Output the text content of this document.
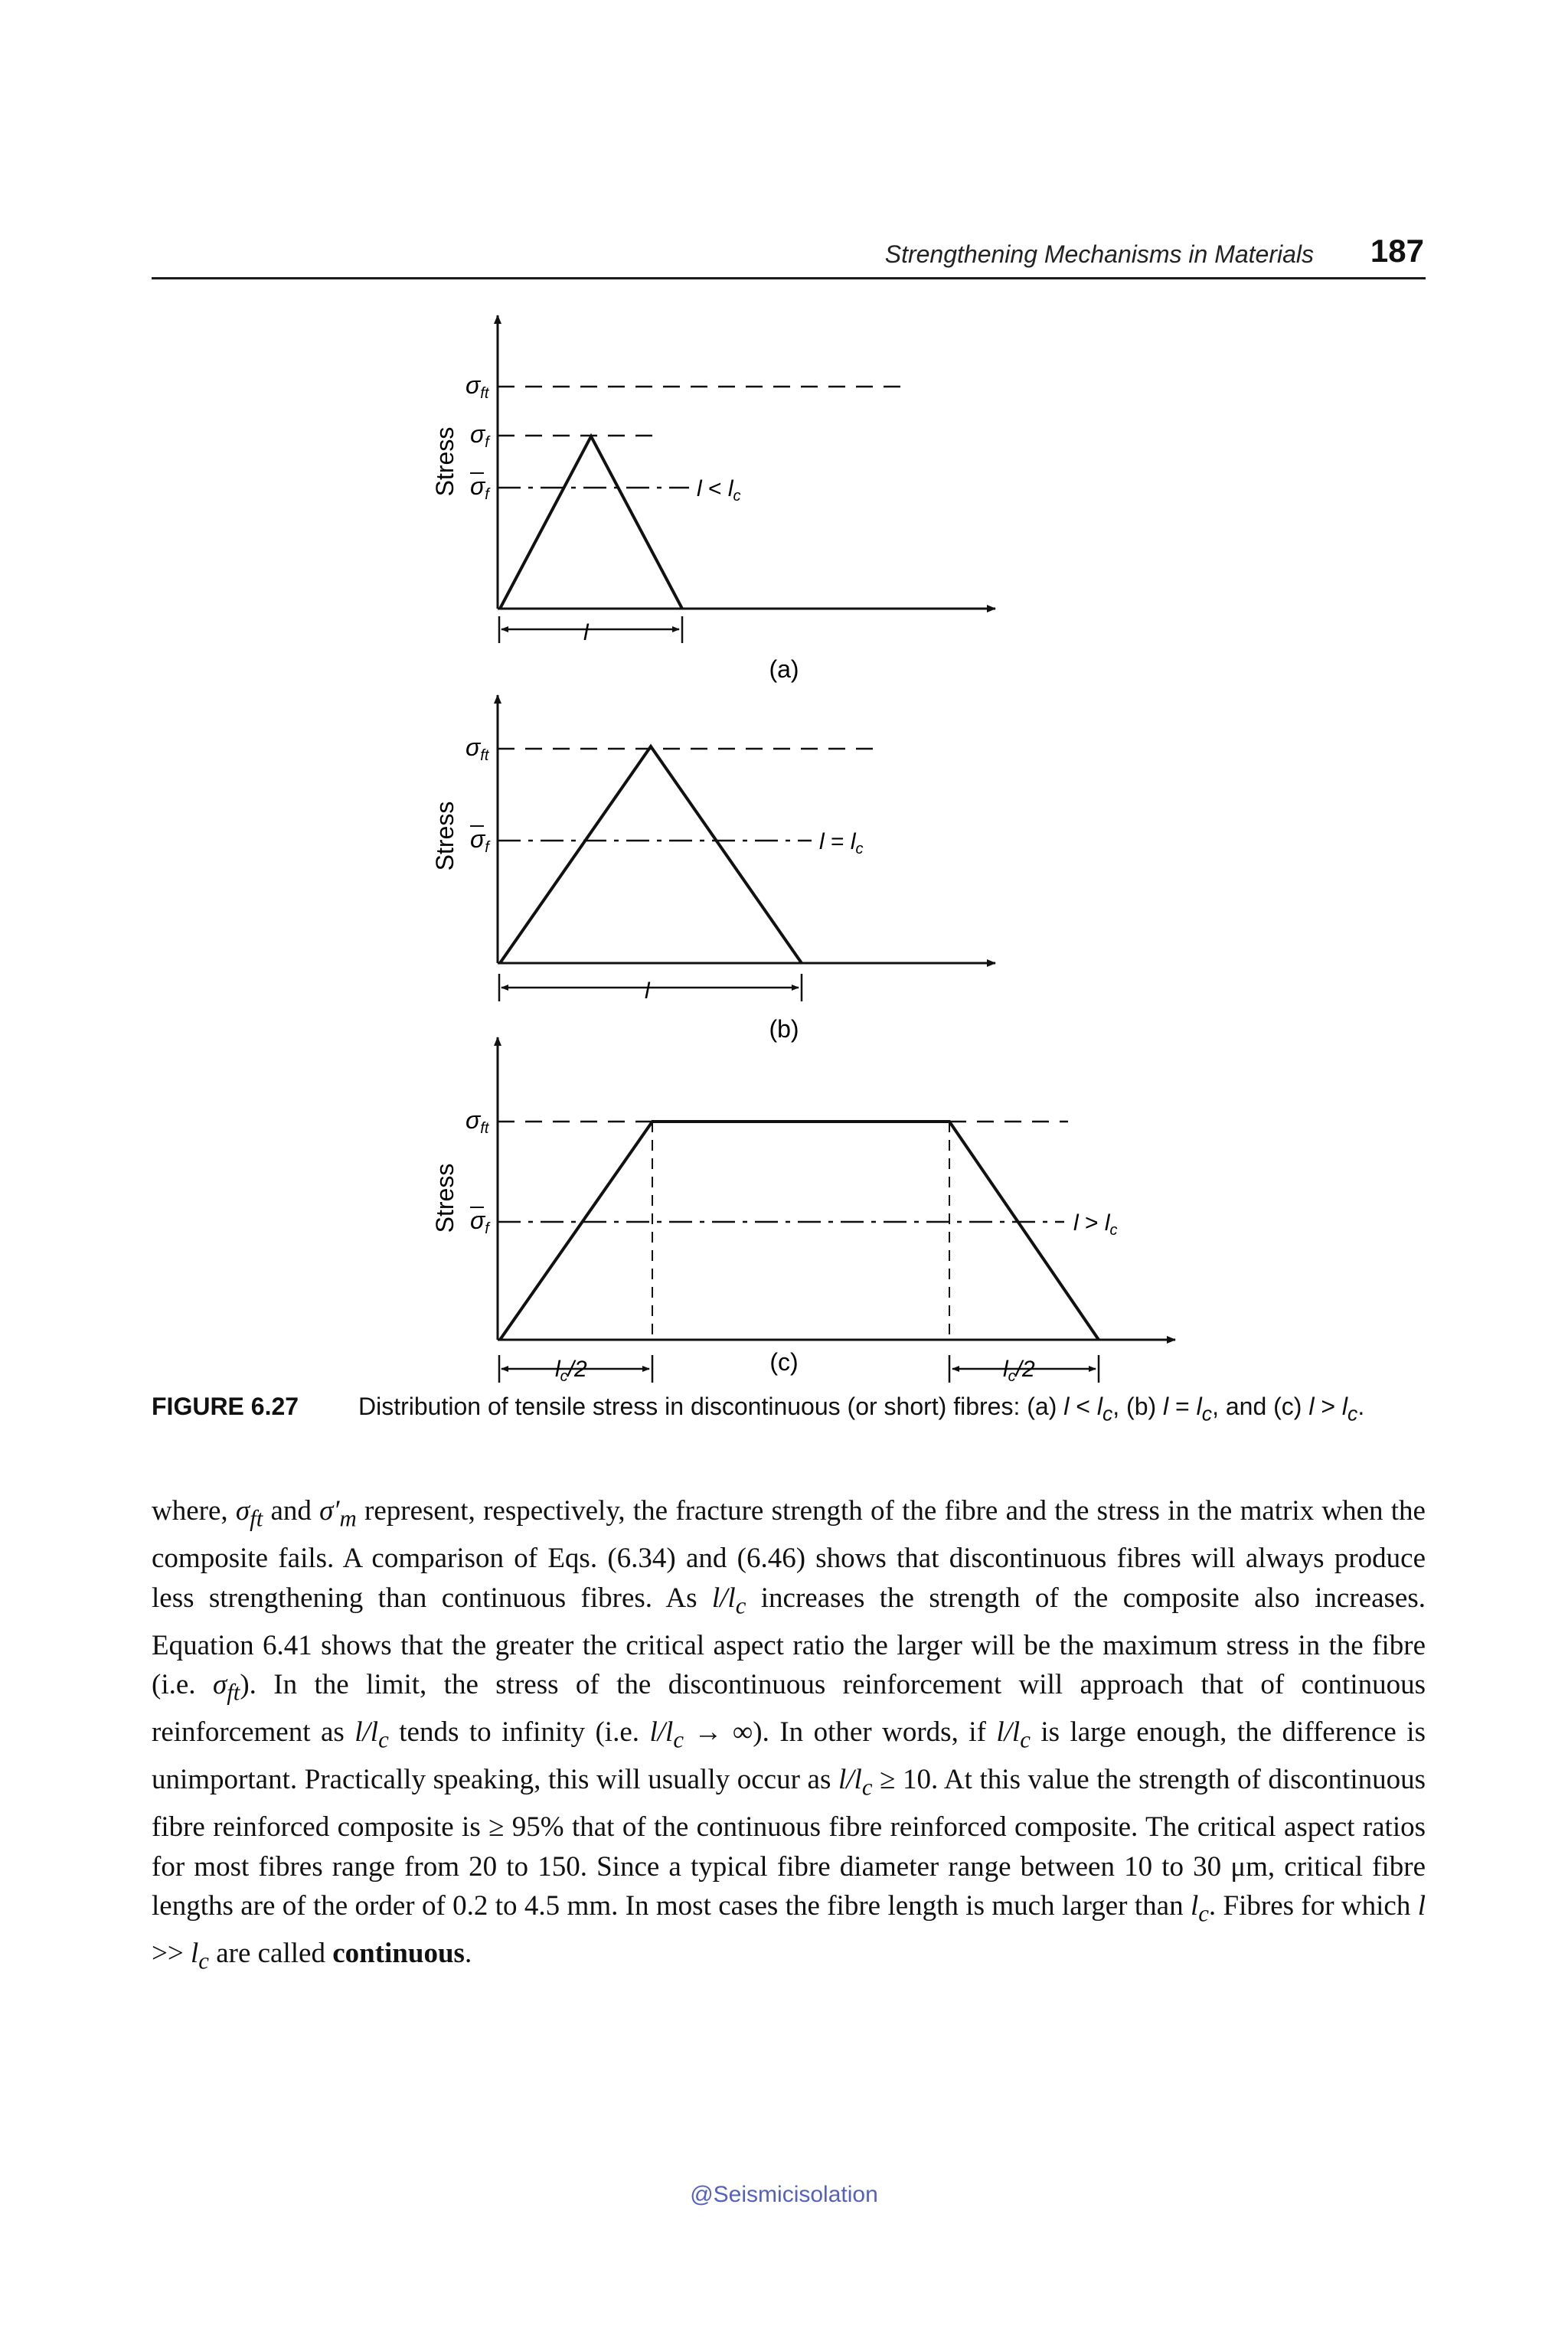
Strengthening Mechanisms in Materials 187
l
Stress
σft
σf
σf	$l < l_c$
(a)
l
Stress
σft
σf	$l = l_c$
(b)
$l_c/2$	$l_c/2$
Stress
σft
σf	$l > l_c$
(c)
FIGURE 6.27 Distribution of tensile stress in discontinuous (or short) fibres: (a) $l < l_c$, (b) $l = l_c$, and (c) $l > l_c$.

where, $\sigma_{ft}$ and $\sigma'_m$ represent, respectively, the fracture strength of the fibre and the stress in the matrix when the composite fails. A comparison of Eqs. (6.34) and (6.46) shows that discontinuous fibres will always produce less strengthening than continuous fibres. As $l/l_c$ increases the strength of the composite also increases. Equation 6.41 shows that the greater the critical aspect ratio the larger will be the maximum stress in the fibre (i.e. $\sigma_{ft}$). In the limit, the stress of the discontinuous reinforcement will approach that of continuous reinforcement as $l/l_c$ tends to infinity (i.e. $l/l_c$ → ∞). In other words, if $l/l_c$ is large enough, the difference is unimportant. Practically speaking, this will usually occur as $l/l_c \ge 10$. At this value the strength of discontinuous fibre reinforced composite is ≥ 95% that of the continuous fibre reinforced composite. The critical aspect ratios for most fibres range from 20 to 150. Since a typical fibre diameter range between 10 to 30 μm, critical fibre lengths are of the order of 0.2 to 4.5 mm. In most cases the fibre length is much larger than $l_c$. Fibres for which $l >> l_c$ are called continuous.

@Seismicisolation
